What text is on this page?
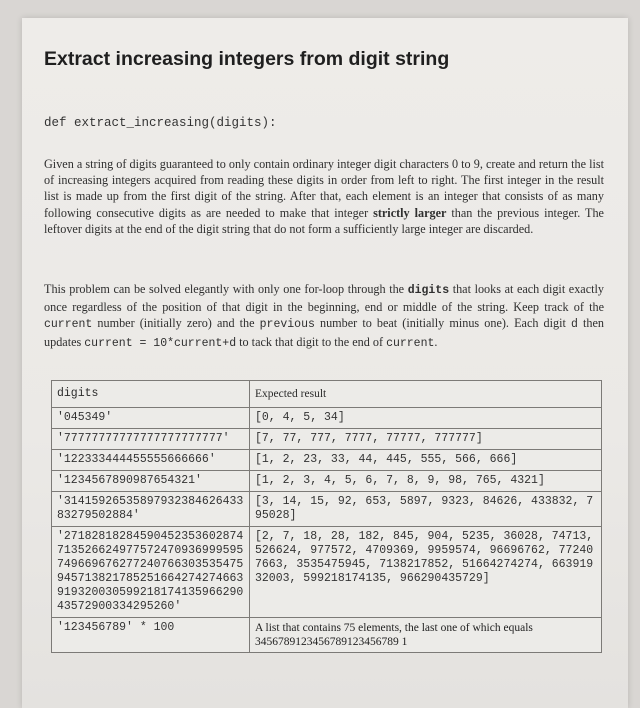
Extract increasing integers from digit string
def extract_increasing(digits):

Given a string of digits guaranteed to only contain ordinary integer digit characters 0 to 9, create and return the list of increasing integers acquired from reading these digits in order from left to right. The first integer in the result list is made up from the first digit of the string. After that, each element is an integer that consists of as many following consecutive digits as are needed to make that integer strictly larger than the previous integer. The leftover digits at the end of the digit string that do not form a sufficiently large integer are discarded.

This problem can be solved elegantly with only one for-loop through the digits that looks at each digit exactly once regardless of the position of that digit in the beginning, end or middle of the string. Keep track of the current number (initially zero) and the previous number to beat (initially minus one). Each digit d then updates current = 10*current+d to tack that digit to the end of current.

digits	Expected result
'045349'	[0, 4, 5, 34]
'77777777777777777777777'	[7, 77, 777, 7777, 77777, 777777]
'122333444455555666666'	[1, 2, 23, 33, 44, 445, 555, 566, 666]
'1234567890987654321'	[1, 2, 3, 4, 5, 6, 7, 8, 9, 98, 765, 4321]
'3141592653589793238462643383279502884'	[3, 14, 15, 92, 653, 5897, 9323, 84626, 433832, 795028]
'2718281828459045235360287471352662497757247093699959574966967627724076630353547594571382178525166427427466391932003059921817413596629043572900334295260'	[2, 7, 18, 28, 182, 845, 904, 5235, 36028, 74713, 526624, 977572, 4709369, 9959574, 96696762, 772407663, 3535475945, 7138217852, 51664274274, 66391932003, 599218174135, 966290435729]
'123456789' * 100	A list that contains 75 elements, the last one of which equals 3456789123456789123456789 1
